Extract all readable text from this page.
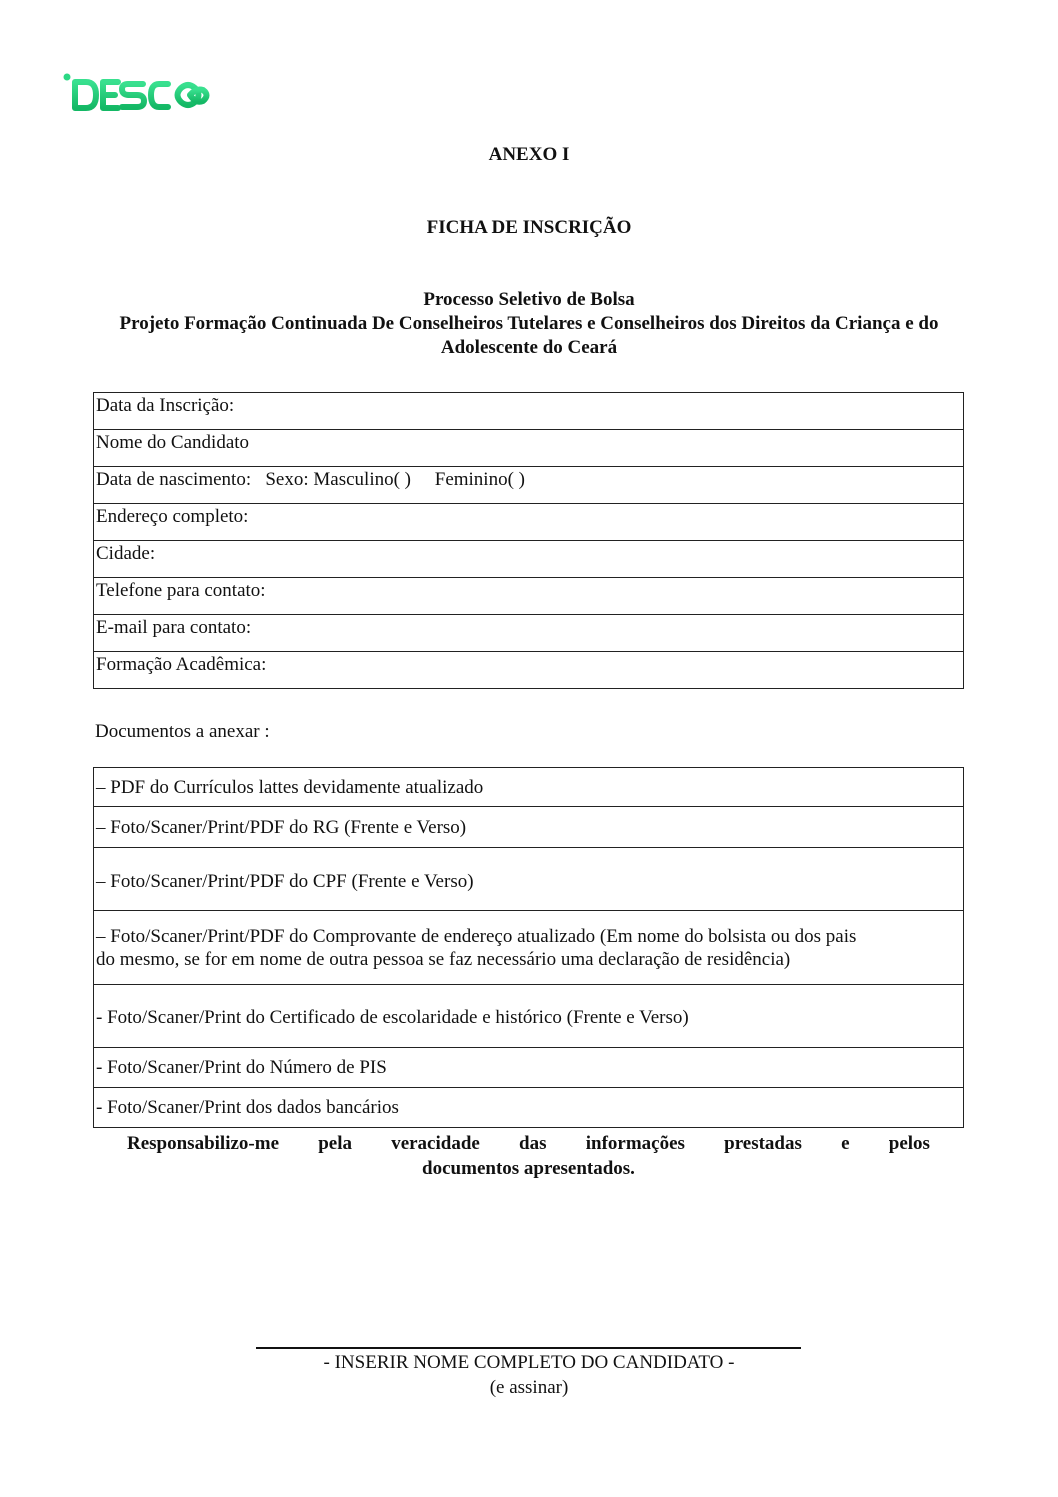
ANEXO I
FICHA DE INSCRIÇÃO
Processo Seletivo de Bolsa
Projeto Formação Continuada De Conselheiros Tutelares e Conselheiros dos Direitos da Criança e do
Adolescente do Ceará
Data da Inscrição:
Nome do Candidato
Data de nascimento:   Sexo: Masculino( )     Feminino( )
Endereço completo:
Cidade:
Telefone para contato:
E-mail para contato:
Formação Acadêmica:
Documentos a anexar :
– PDF do Currículos lattes devidamente atualizado
– Foto/Scaner/Print/PDF do RG (Frente e Verso)
– Foto/Scaner/Print/PDF do CPF (Frente e Verso)

– Foto/Scaner/Print/PDF do Comprovante de endereço atualizado (Em nome do bolsista ou dos pais
do mesmo, se for em nome de outra pessoa se faz necessário uma declaração de residência)

- Foto/Scaner/Print do Certificado de escolaridade e histórico (Frente e Verso)
- Foto/Scaner/Print do Número de PIS
- Foto/Scaner/Print dos dados bancários
Responsabilizo-me pela veracidade das informações prestadas e pelos
documentos apresentados.
- INSERIR NOME COMPLETO DO CANDIDATO -
(e assinar)
